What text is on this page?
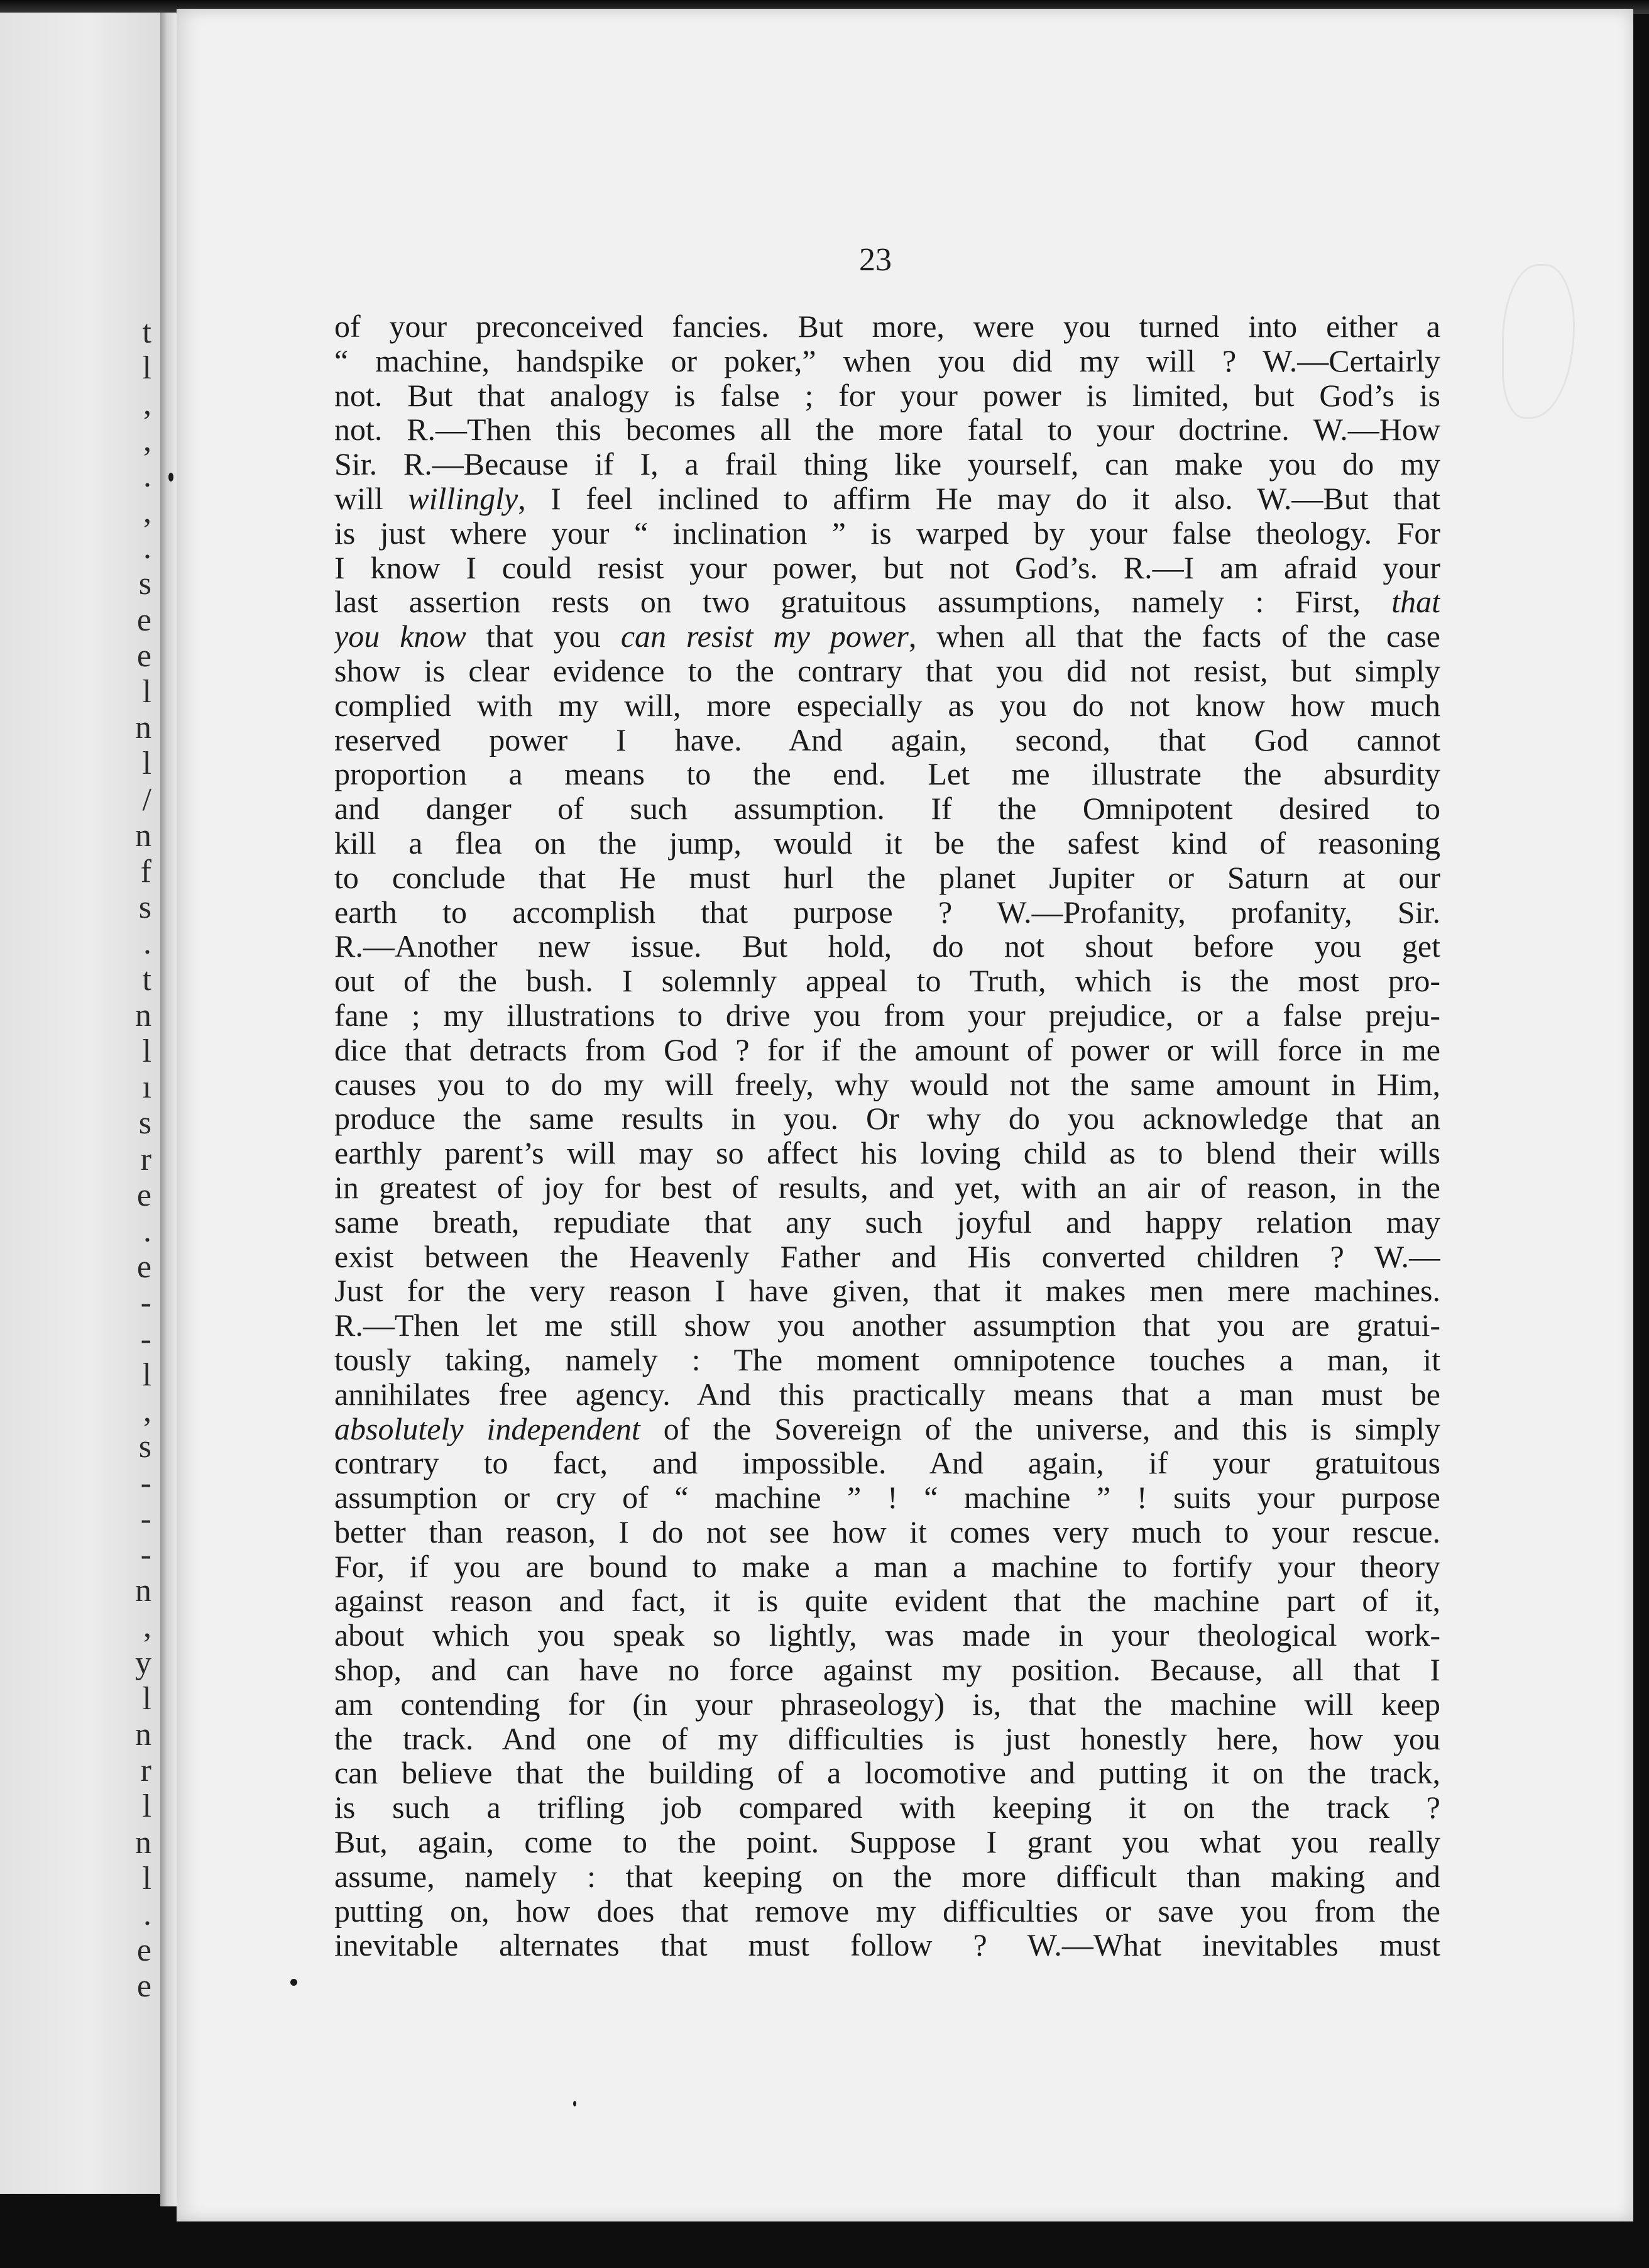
t
l
,
,
.
,
.
s
e
e
l
n
l
/
n
f
s
.
t
n
l
ı
s
r
e
.
e
-
-
l
,
s
-
-
-
n
,
y
l
n
r
l
n
l
.
e
e
23
of your preconceived fancies. But more, were you turned into either a
“ machine, handspike or poker,” when you did my will ? W.—Certairly
not. But that analogy is false ; for your power is limited, but God’s is
not. R.—Then this becomes all the more fatal to your doctrine. W.—How
Sir. R.—Because if I, a frail thing like yourself, can make you do my
will willingly, I feel inclined to affirm He may do it also. W.—But that
is just where your “ inclination ” is warped by your false theology. For
I know I could resist your power, but not God’s. R.—I am afraid your
last assertion rests on two gratuitous assumptions, namely : First, that
you know that you can resist my power, when all that the facts of the case
show is clear evidence to the contrary that you did not resist, but simply
complied with my will, more especially as you do not know how much
reserved power I have. And again, second, that God cannot
proportion a means to the end. Let me illustrate the absurdity
and danger of such assumption. If the Omnipotent desired to
kill a flea on the jump, would it be the safest kind of reasoning
to conclude that He must hurl the planet Jupiter or Saturn at our
earth to accomplish that purpose ? W.—Profanity, profanity, Sir.
R.—Another new issue. But hold, do not shout before you get
out of the bush. I solemnly appeal to Truth, which is the most pro-
fane ; my illustrations to drive you from your prejudice, or a false preju-
dice that detracts from God ? for if the amount of power or will force in me
causes you to do my will freely, why would not the same amount in Him,
produce the same results in you. Or why do you acknowledge that an
earthly parent’s will may so affect his loving child as to blend their wills
in greatest of joy for best of results, and yet, with an air of reason, in the
same breath, repudiate that any such joyful and happy relation may
exist between the Heavenly Father and His converted children ? W.—
Just for the very reason I have given, that it makes men mere machines.
R.—Then let me still show you another assumption that you are gratui-
tously taking, namely : The moment omnipotence touches a man, it
annihilates free agency. And this practically means that a man must be
absolutely independent of the Sovereign of the universe, and this is simply
contrary to fact, and impossible. And again, if your gratuitous
assumption or cry of “ machine ” ! “ machine ” ! suits your purpose
better than reason, I do not see how it comes very much to your rescue.
For, if you are bound to make a man a machine to fortify your theory
against reason and fact, it is quite evident that the machine part of it,
about which you speak so lightly, was made in your theological work-
shop, and can have no force against my position. Because, all that I
am contending for (in your phraseology) is, that the machine will keep
the track. And one of my difficulties is just honestly here, how you
can believe that the building of a locomotive and putting it on the track,
is such a trifling job compared with keeping it on the track ?
But, again, come to the point. Suppose I grant you what you really
assume, namely : that keeping on the more difficult than making and
putting on, how does that remove my difficulties or save you from the
inevitable alternates that must follow ? W.—What inevitables must
